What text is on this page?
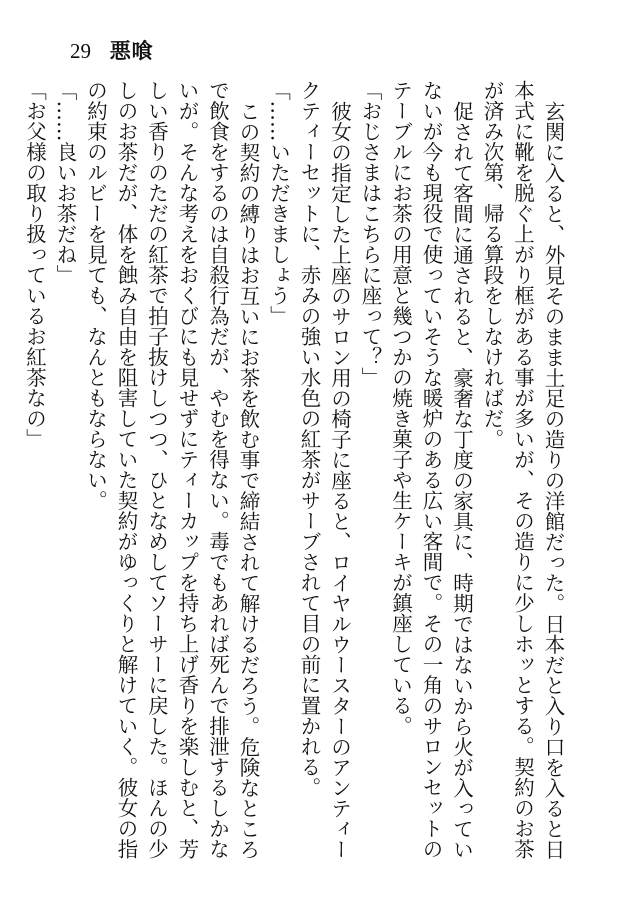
29 悪喰

玄関に入ると、外見そのまま土足の造りの洋館だった。日本だと入り口を入ると日本式に靴を脱ぐ上がり框がある事が多いが、その造りに少しホッとする。契約のお茶が済み次第、帰る算段をしなければだ。

促されて客間に通されると、豪奢な丁度の家具に、時期ではないから火が入っていないが今も現役で使っていそうな暖炉のある広い客間で。その一角のサロンセットのテーブルにお茶の用意と幾つかの焼き菓子や生ケーキが鎮座している。

「おじさまはこちらに座って？」

彼女の指定した上座のサロン用の椅子に座ると、ロイヤルウースターのアンティークティーセットに、赤みの強い水色の紅茶がサーブされて目の前に置かれる。

「……いただきましょう」

この契約の縛りはお互いにお茶を飲む事で締結されて解けるだろう。危険なところで飲食をするのは自殺行為だが、やむを得ない。毒でもあれば死んで排泄するしかないが。そんな考えをおくびにも見せずにティーカップを持ち上げ香りを楽しむと、芳しい香りのただの紅茶で拍子抜けしつつ、ひとなめしてソーサーに戻した。ほんの少しのお茶だが、体を蝕み自由を阻害していた契約がゆっくりと解けていく。彼女の指の約束のルビーを見ても、なんともならない。

「……良いお茶だね」

「お父様の取り扱っているお紅茶なの」
